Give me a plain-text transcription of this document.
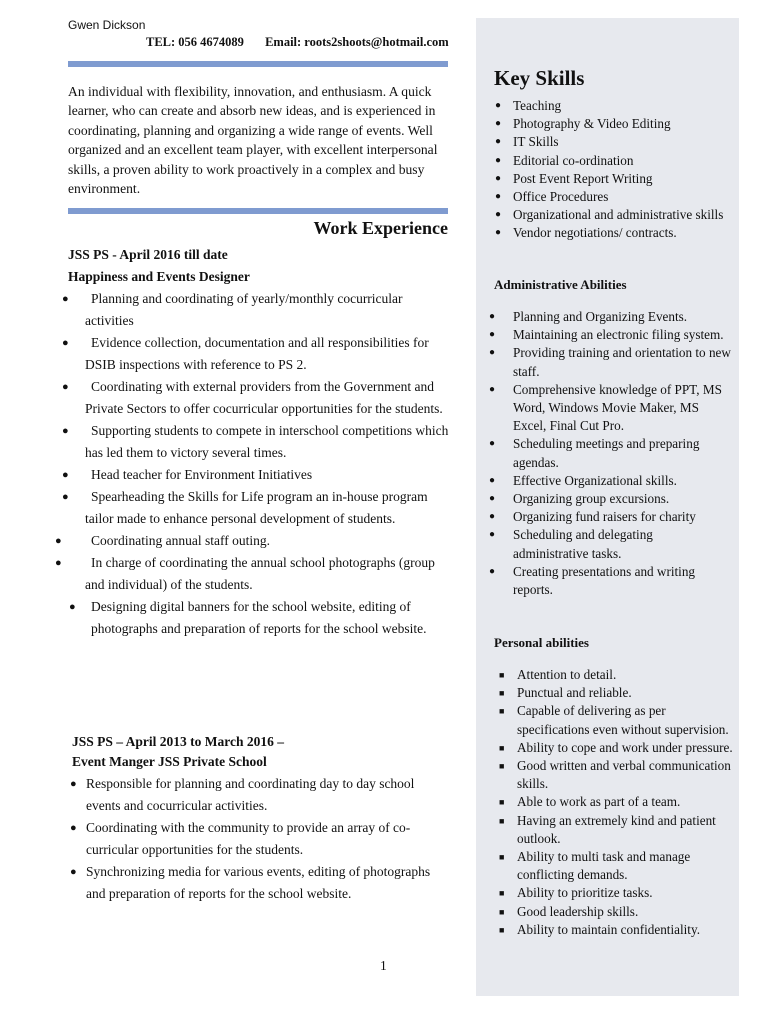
Gwen Dickson
TEL: 056 4674089 Email: roots2shoots@hotmail.com
An individual with flexibility, innovation, and enthusiasm. A quick learner, who can create and absorb new ideas, and is experienced in coordinating, planning and organizing a wide range of events. Well organized and an excellent team player, with excellent interpersonal skills, a proven ability to work proactively in a complex and busy environment.
Work Experience
JSS PS - April 2016 till date
Happiness and Events Designer
● Planning and coordinating of yearly/monthly cocurricular activities
● Evidence collection, documentation and all responsibilities for DSIB inspections with reference to PS 2.
● Coordinating with external providers from the Government and Private Sectors to offer cocurricular opportunities for the students.
● Supporting students to compete in interschool competitions which has led them to victory several times.
● Head teacher for Environment Initiatives
● Spearheading the Skills for Life program an in-house program tailor made to enhance personal development of students.
● Coordinating annual staff outing.
● In charge of coordinating the annual school photographs (group and individual) of the students.
● Designing digital banners for the school website, editing of photographs and preparation of reports for the school website.
JSS PS – April 2013 to March 2016 –
Event Manger JSS Private School
● Responsible for planning and coordinating day to day school events and cocurricular activities.
● Coordinating with the community to provide an array of co-curricular opportunities for the students.
● Synchronizing media for various events, editing of photographs and preparation of reports for the school website.
1
Key Skills
● Teaching
● Photography & Video Editing
● IT Skills
● Editorial co-ordination
● Post Event Report Writing
● Office Procedures
● Organizational and administrative skills
● Vendor negotiations/ contracts.
Administrative Abilities
● Planning and Organizing Events.
● Maintaining an electronic filing system.
● Providing training and orientation to new staff.
● Comprehensive knowledge of PPT, MS Word, Windows Movie Maker, MS Excel, Final Cut Pro.
● Scheduling meetings and preparing agendas.
● Effective Organizational skills.
● Organizing group excursions.
● Organizing fund raisers for charity
● Scheduling and delegating administrative tasks.
● Creating presentations and writing reports.
Personal abilities
■ Attention to detail.
■ Punctual and reliable.
■ Capable of delivering as per specifications even without supervision.
■ Ability to cope and work under pressure.
■ Good written and verbal communication skills.
■ Able to work as part of a team.
■ Having an extremely kind and patient outlook.
■ Ability to multi task and manage conflicting demands.
■ Ability to prioritize tasks.
■ Good leadership skills.
■ Ability to maintain confidentiality.
